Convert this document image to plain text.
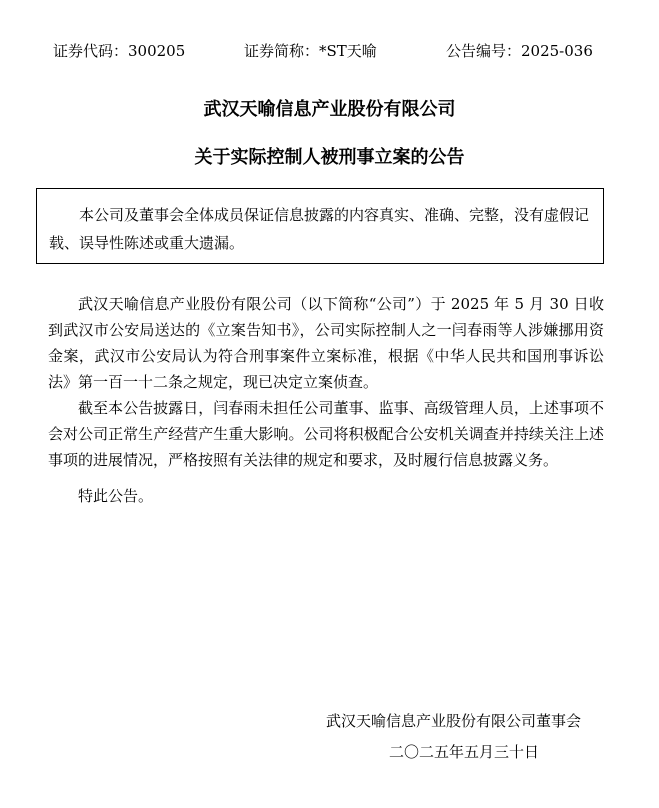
证券代码：300205	证券简称：*ST天喻	公告编号：2025-036
武汉天喻信息产业股份有限公司
关于实际控制人被刑事立案的公告

本公司及董事会全体成员保证信息披露的内容真实、准确、完整，没有虚假记载、误导性陈述或重大遗漏。

武汉天喻信息产业股份有限公司（以下简称“公司”）于 2025 年 5 月 30 日收到武汉市公安局送达的《立案告知书》，公司实际控制人之一闫春雨等人涉嫌挪用资金案，武汉市公安局认为符合刑事案件立案标准，根据《中华人民共和国刑事诉讼法》第一百一十二条之规定，现已决定立案侦查。

截至本公告披露日，闫春雨未担任公司董事、监事、高级管理人员，上述事项不会对公司正常生产经营产生重大影响。公司将积极配合公安机关调查并持续关注上述事项的进展情况，严格按照有关法律的规定和要求，及时履行信息披露义务。

特此公告。

武汉天喻信息产业股份有限公司董事会
二〇二五年五月三十日
